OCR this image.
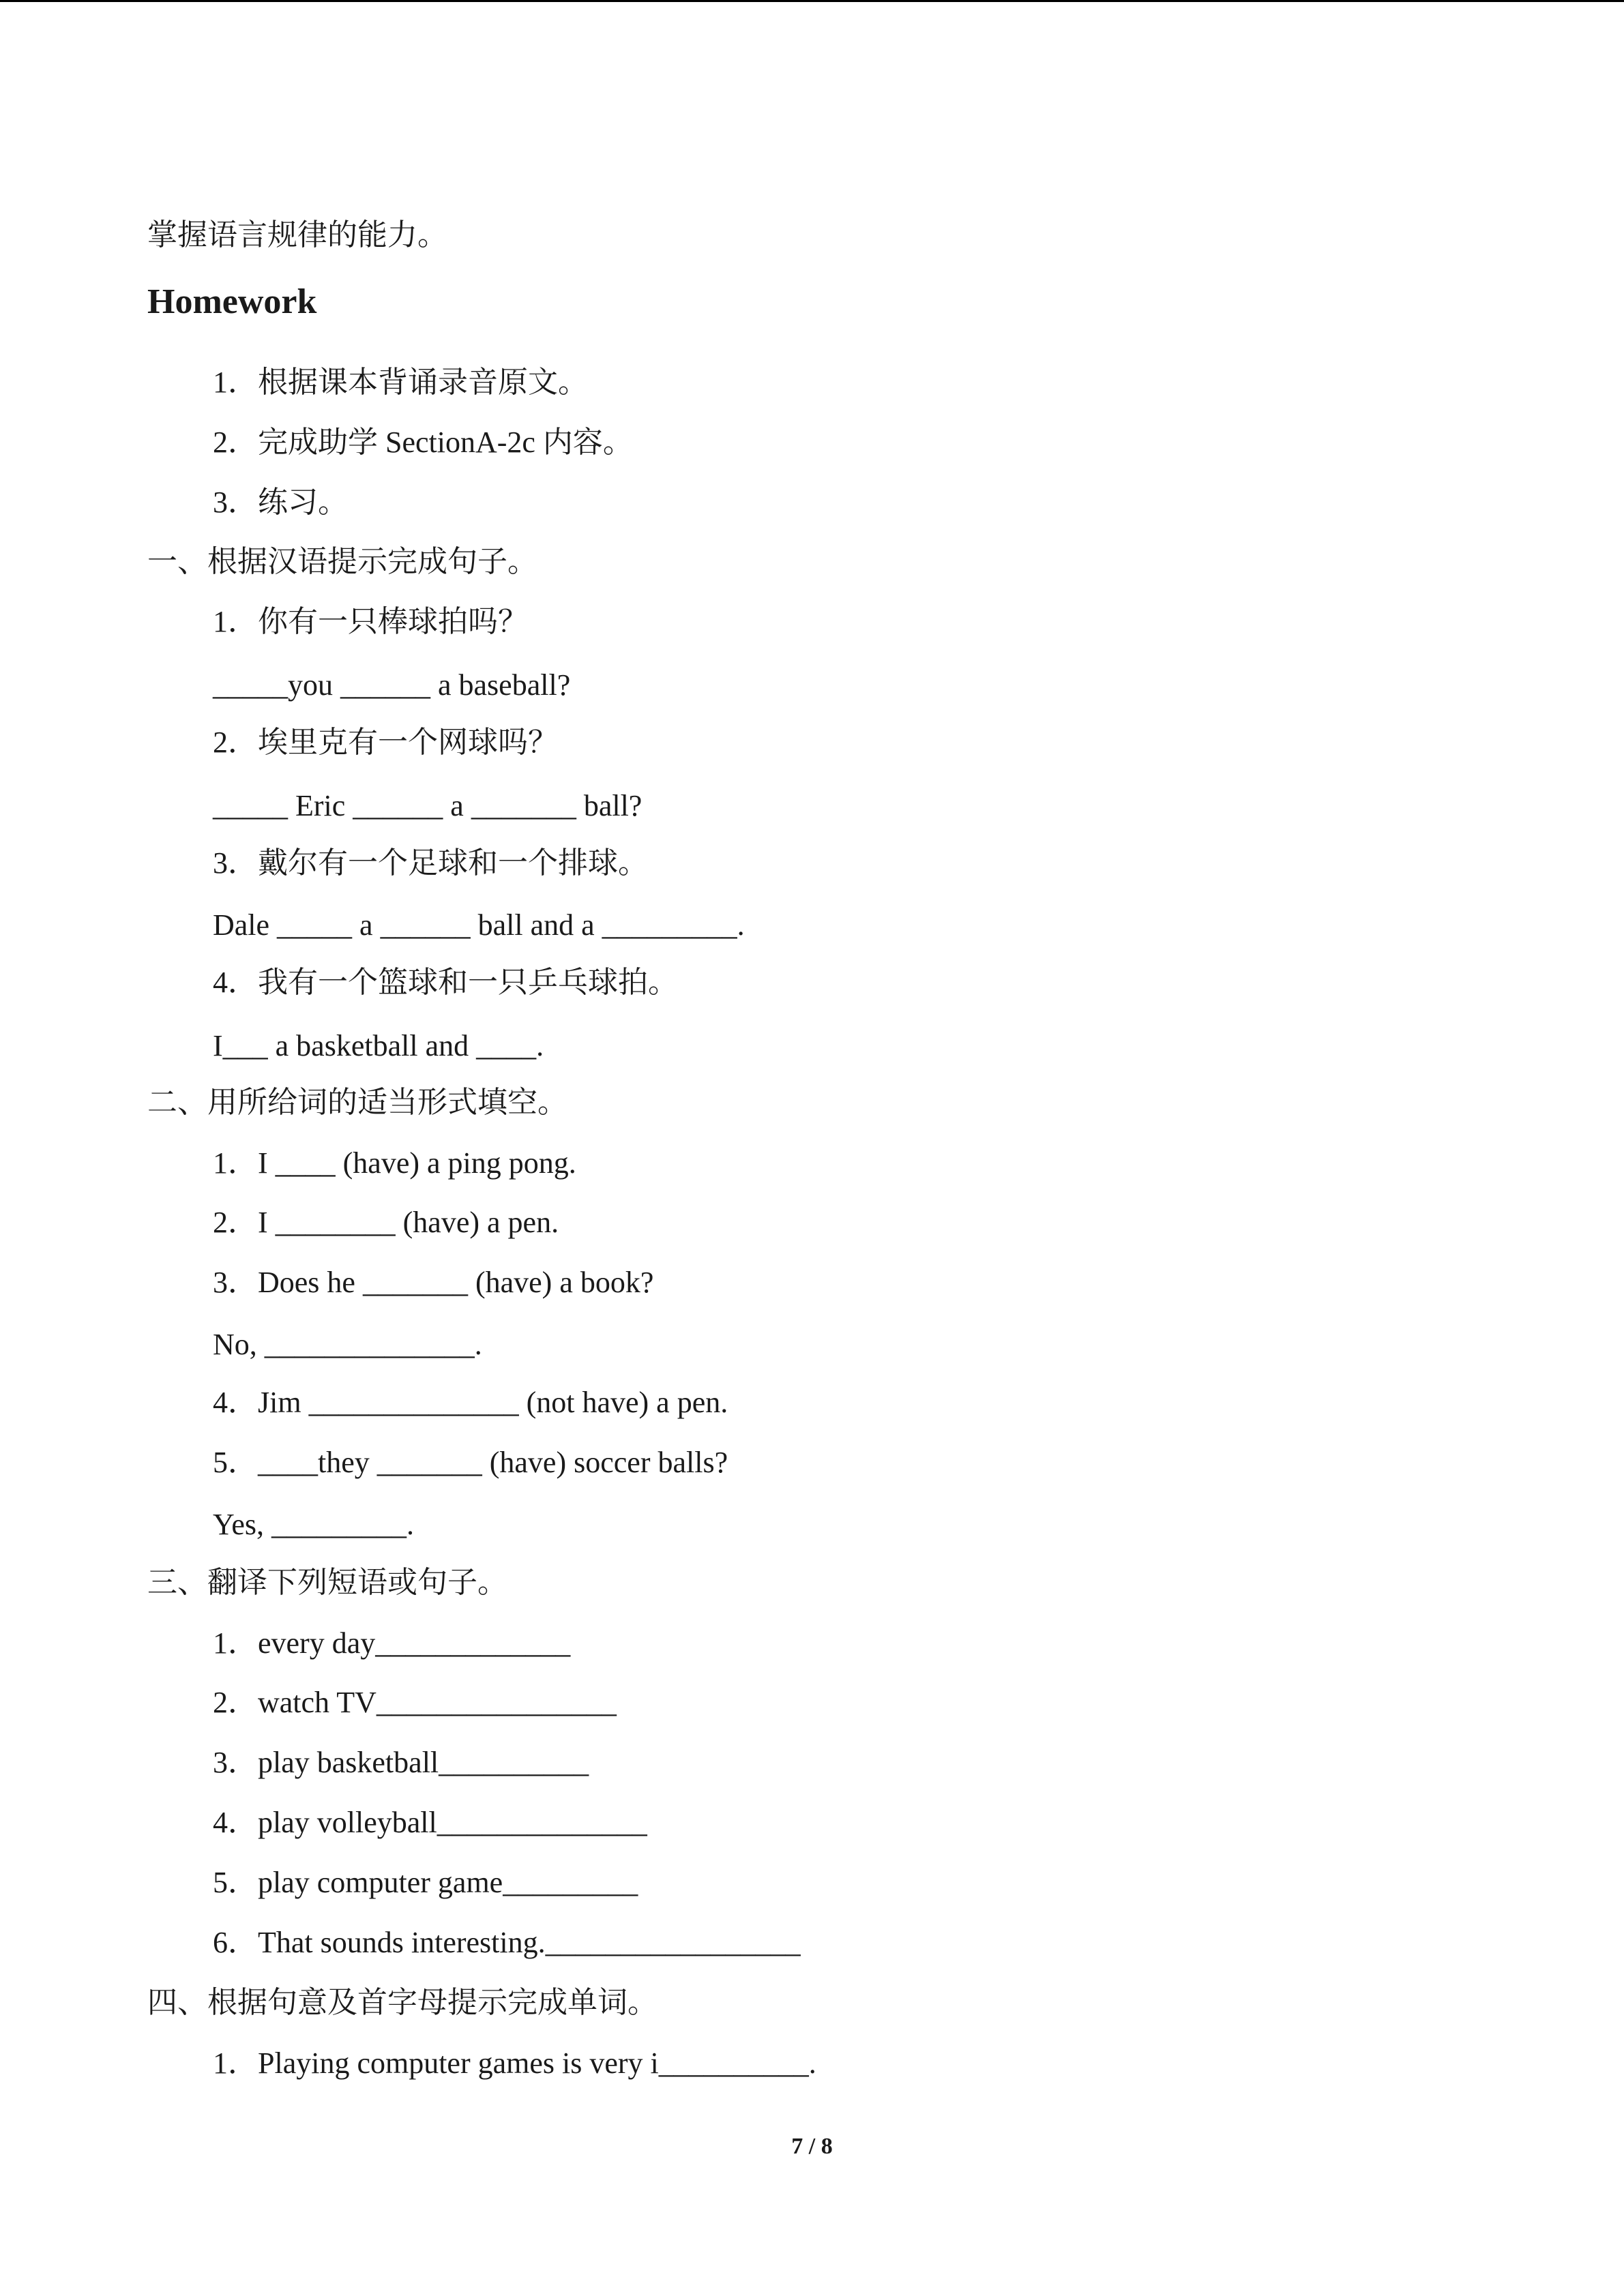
掌握语言规律的能力。
Homework
1．根据课本背诵录音原文。
2．完成助学 SectionA-2c 内容。
3．练习。
一、根据汉语提示完成句子。
1．你有一只棒球拍吗？
_____you ______ a baseball?
2．埃里克有一个网球吗？
_____ Eric ______ a _______ ball?
3．戴尔有一个足球和一个排球。
Dale _____ a ______ ball and a _________.
4．我有一个篮球和一只乒乓球拍。
I___ a basketball and ____.
二、用所给词的适当形式填空。
1．I ____ (have) a ping pong.
2．I ________ (have) a pen.
3．Does he _______ (have) a book?
No, ______________.
4．Jim ______________ (not have) a pen.
5．____they _______ (have) soccer balls?
Yes, _________.
三、翻译下列短语或句子。
1．every day_____________
2．watch TV________________
3．play basketball__________
4．play volleyball______________
5．play computer game_________
6．That sounds interesting._________________
四、根据句意及首字母提示完成单词。
1．Playing computer games is very i__________.
7 / 8
